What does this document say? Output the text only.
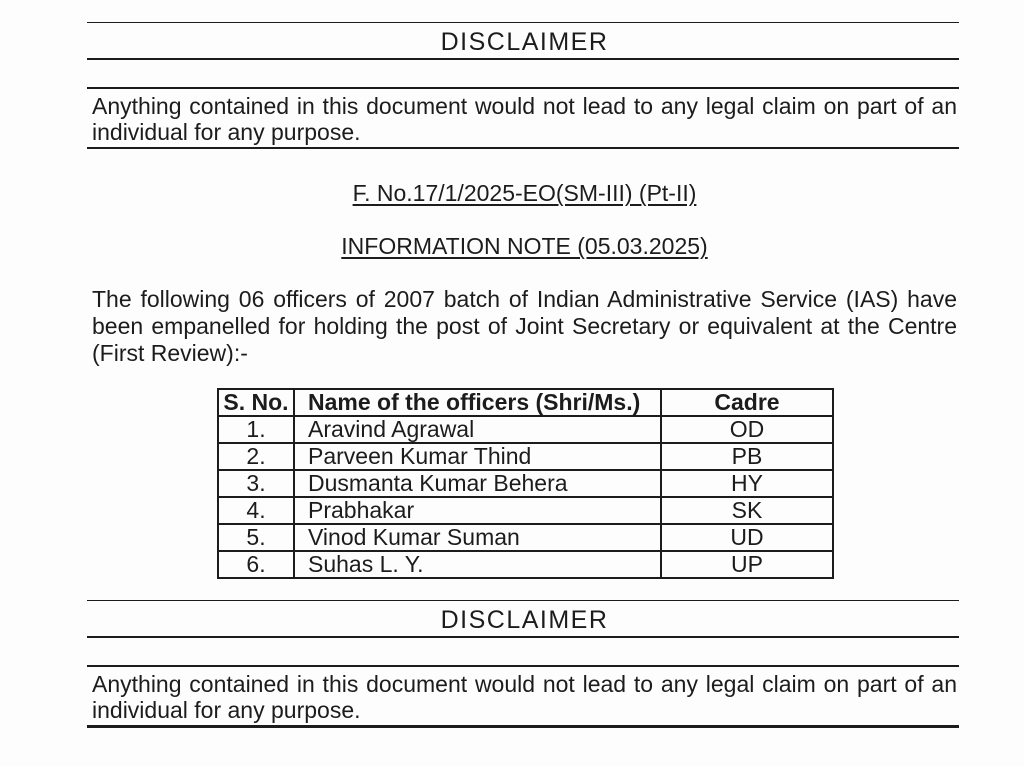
DISCLAIMER

Anything contained in this document would not lead to any legal claim on part of an individual for any purpose.

F. No.17/1/2025-EO(SM-III) (Pt-II)
INFORMATION NOTE (05.03.2025)

The following 06 officers of 2007 batch of Indian Administrative Service (IAS) have been empanelled for holding the post of Joint Secretary or equivalent at the Centre (First Review):-

S. No.	Name of the officers (Shri/Ms.)	Cadre
1.	Aravind Agrawal	OD
2.	Parveen Kumar Thind	PB
3.	Dusmanta Kumar Behera	HY
4.	Prabhakar	SK
5.	Vinod Kumar Suman	UD
6.	Suhas L. Y.	UP
DISCLAIMER

Anything contained in this document would not lead to any legal claim on part of an individual for any purpose.
